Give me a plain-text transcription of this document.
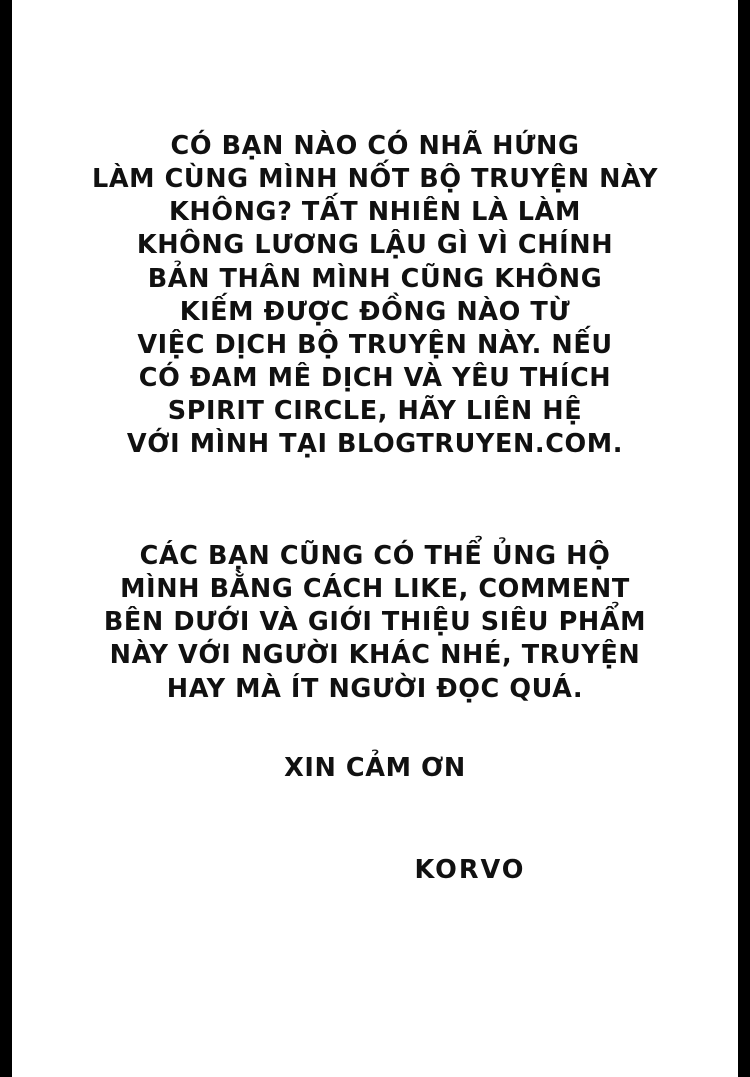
CÓ BẠN NÀO CÓ NHÃ HỨNG
LÀM CÙNG MÌNH NỐT BỘ TRUYỆN NÀY
KHÔNG? TẤT NHIÊN LÀ LÀM
KHÔNG LƯƠNG LẬU GÌ VÌ CHÍNH
BẢN THÂN MÌNH CŨNG KHÔNG
KIẾM ĐƯỢC ĐỒNG NÀO TỪ
VIỆC DỊCH BỘ TRUYỆN NÀY. NẾU
CÓ ĐAM MÊ DỊCH VÀ YÊU THÍCH
SPIRIT CIRCLE, HÃY LIÊN HỆ
VỚI MÌNH TẠI BLOGTRUYEN.COM.
CÁC BẠN CŨNG CÓ THỂ ỦNG HỘ
MÌNH BẰNG CÁCH LIKE, COMMENT
BÊN DƯỚI VÀ GIỚI THIỆU SIÊU PHẨM
NÀY VỚI NGƯỜI KHÁC NHÉ, TRUYỆN
HAY MÀ ÍT NGƯỜI ĐỌC QUÁ.
XIN CẢM ƠN
KORVO
